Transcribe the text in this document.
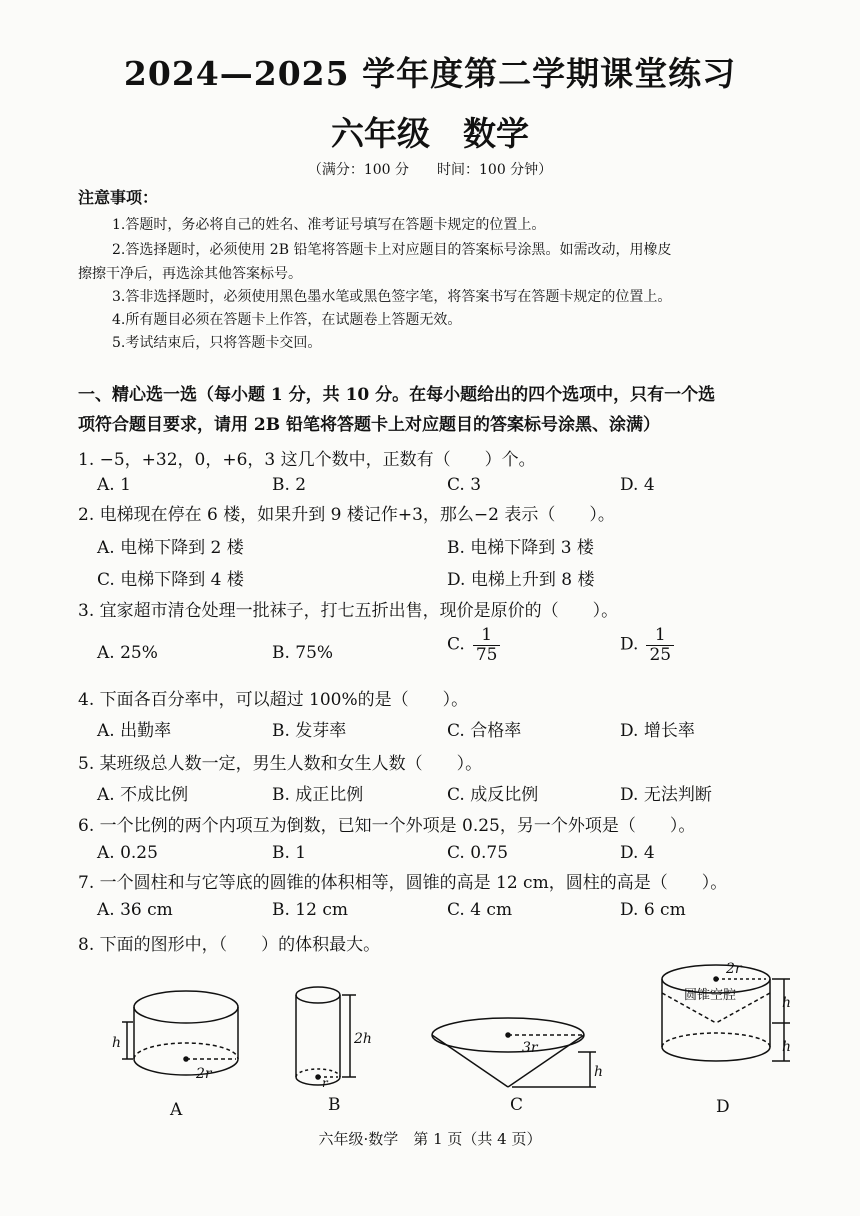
2024—2025 学年度第二学期课堂练习
六年级　数学
（满分：100 分　　时间：100 分钟）
注意事项：
1.答题时，务必将自己的姓名、准考证号填写在答题卡规定的位置上。
2.答选择题时，必须使用 2B 铅笔将答题卡上对应题目的答案标号涂黑。如需改动，用橡皮
擦擦干净后，再选涂其他答案标号。
3.答非选择题时，必须使用黑色墨水笔或黑色签字笔，将答案书写在答题卡规定的位置上。
4.所有题目必须在答题卡上作答，在试题卷上答题无效。
5.考试结束后，只将答题卡交回。
一、精心选一选（每小题 1 分，共 10 分。在每小题给出的四个选项中，只有一个选
项符合题目要求，请用 2B 铅笔将答题卡上对应题目的答案标号涂黑、涂满）
1. −5，+32，0，+6，3 这几个数中，正数有（　　）个。
A. 1	B. 2	C. 3	D. 4
2. 电梯现在停在 6 楼，如果升到 9 楼记作+3，那么−2 表示（　　）。
A. 电梯下降到 2 楼	B. 电梯下降到 3 楼
C. 电梯下降到 4 楼	D. 电梯上升到 8 楼
3. 宜家超市清仓处理一批袜子，打七五折出售，现价是原价的（　　）。
A. 25%	B. 75%	C. $\frac{1}{75}$	D. $\frac{1}{25}$
4. 下面各百分率中，可以超过 100%的是（　　）。
A. 出勤率	B. 发芽率	C. 合格率	D. 增长率
5. 某班级总人数一定，男生人数和女生人数（　　）。
A. 不成比例	B. 成正比例	C. 成反比例	D. 无法判断
6. 一个比例的两个内项互为倒数，已知一个外项是 0.25，另一个外项是（　　）。
A. 0.25	B. 1	C. 0.75	D. 4
7. 一个圆柱和与它等底的圆锥的体积相等，圆锥的高是 12 cm，圆柱的高是（　　）。
A. 36 cm	B. 12 cm	C. 4 cm	D. 6 cm
8. 下面的图形中，（　　）的体积最大。
h
2r
A
2h
r
B
3r
h
C
2r
圆锥空腔	h
h
D
六年级·数学　第 1 页（共 4 页）
